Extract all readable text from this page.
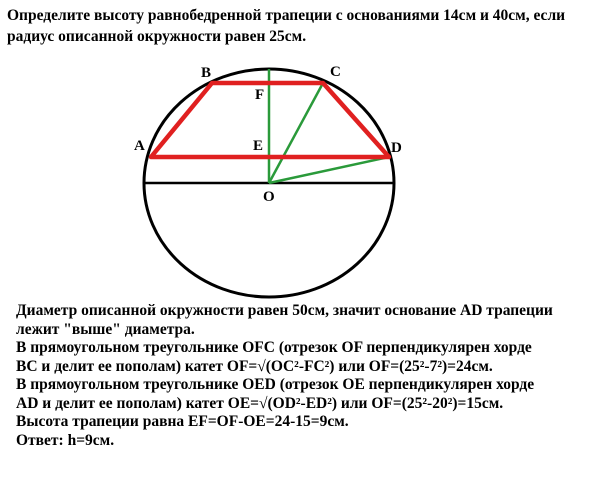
Определите высоту равнобедренной трапеции с основаниями 14см и 40см, если радиус описанной окружности равен 25см.

A
B	C
D
E
F
O
Диаметр описанной окружности равен 50см, значит основание AD трапеции
лежит "выше" диаметра.
В прямоугольном треугольнике OFC (отрезок OF перпендикулярен хорде
BC и делит ее пополам) катет OF=√(OC²-FC²) или OF=(25²-7²)=24см.
В прямоугольном треугольнике OED (отрезок OE перпендикулярен хорде
AD и делит ее пополам) катет OE=√(OD²-ED²) или OF=(25²-20²)=15см.
Высота трапеции равна EF=OF-OE=24-15=9см.
Ответ: h=9см.
